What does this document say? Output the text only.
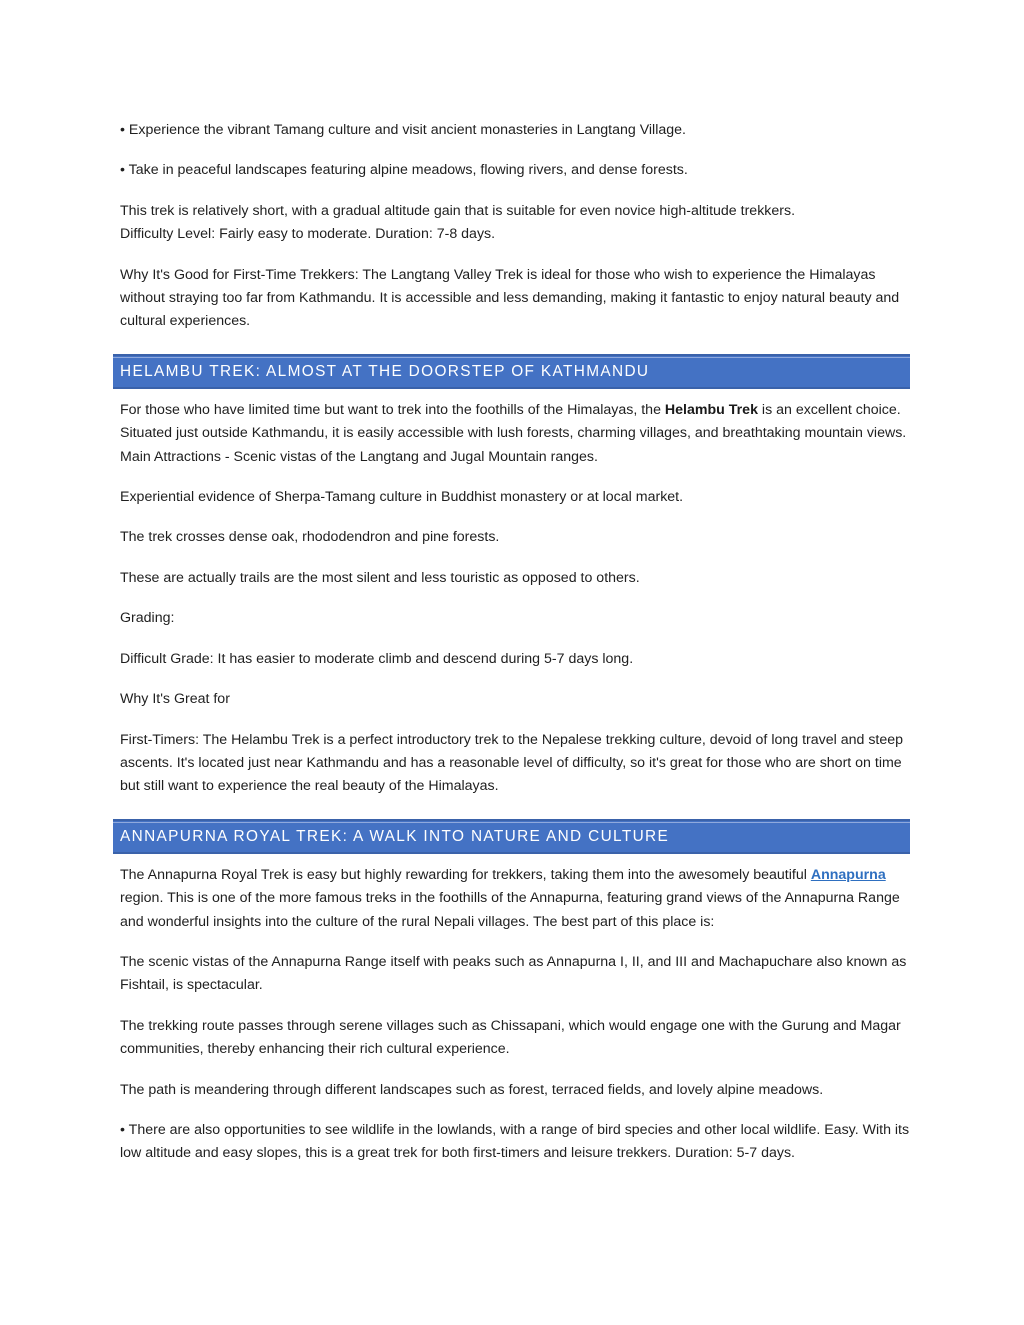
• Experience the vibrant Tamang culture and visit ancient monasteries in Langtang Village.

• Take in peaceful landscapes featuring alpine meadows, flowing rivers, and dense forests.

This trek is relatively short, with a gradual altitude gain that is suitable for even novice high-altitude trekkers.
Difficulty Level: Fairly easy to moderate. Duration: 7-8 days.

Why It's Good for First-Time Trekkers: The Langtang Valley Trek is ideal for those who wish to experience the Himalayas without straying too far from Kathmandu. It is accessible and less demanding, making it fantastic to enjoy natural beauty and cultural experiences.

HELAMBU TREK: ALMOST AT THE DOORSTEP OF KATHMANDU

For those who have limited time but want to trek into the foothills of the Himalayas, the Helambu Trek is an excellent choice. Situated just outside Kathmandu, it is easily accessible with lush forests, charming villages, and breathtaking mountain views. Main Attractions - Scenic vistas of the Langtang and Jugal Mountain ranges.

Experiential evidence of Sherpa-Tamang culture in Buddhist monastery or at local market.

The trek crosses dense oak, rhododendron and pine forests.

These are actually trails are the most silent and less touristic as opposed to others.

Grading:

Difficult Grade: It has easier to moderate climb and descend during 5-7 days long.

Why It's Great for

First-Timers: The Helambu Trek is a perfect introductory trek to the Nepalese trekking culture, devoid of long travel and steep ascents. It's located just near Kathmandu and has a reasonable level of difficulty, so it's great for those who are short on time but still want to experience the real beauty of the Himalayas.

ANNAPURNA ROYAL TREK: A WALK INTO NATURE AND CULTURE

The Annapurna Royal Trek is easy but highly rewarding for trekkers, taking them into the awesomely beautiful Annapurna region. This is one of the more famous treks in the foothills of the Annapurna, featuring grand views of the Annapurna Range and wonderful insights into the culture of the rural Nepali villages. The best part of this place is:

The scenic vistas of the Annapurna Range itself with peaks such as Annapurna I, II, and III and Machapuchare also known as Fishtail, is spectacular.

The trekking route passes through serene villages such as Chissapani, which would engage one with the Gurung and Magar communities, thereby enhancing their rich cultural experience.

The path is meandering through different landscapes such as forest, terraced fields, and lovely alpine meadows.

• There are also opportunities to see wildlife in the lowlands, with a range of bird species and other local wildlife. Easy. With its low altitude and easy slopes, this is a great trek for both first-timers and leisure trekkers. Duration: 5-7 days.
